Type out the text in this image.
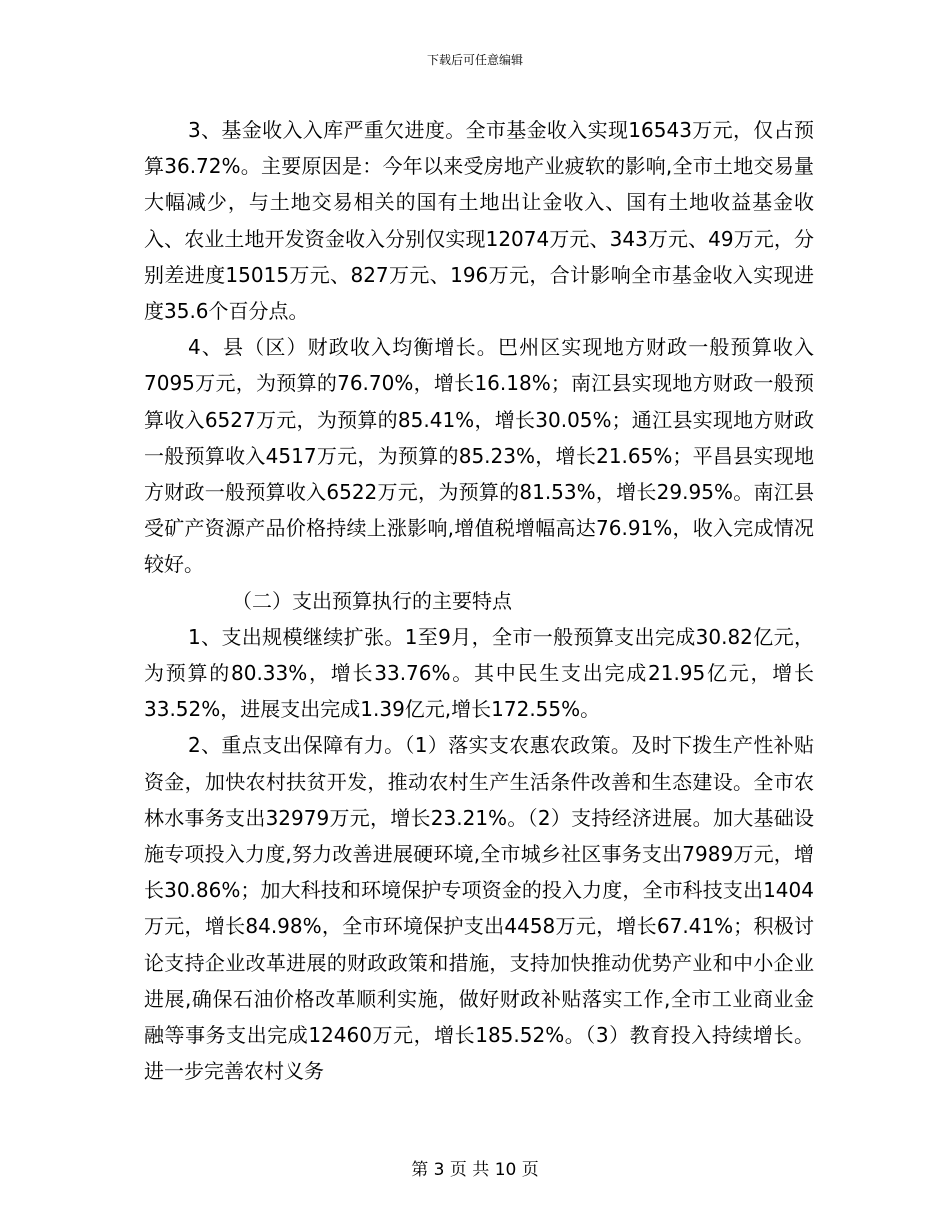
下载后可任意编辑

3、基金收入入库严重欠进度。全市基金收入实现16543万元，仅占预算36.72%。主要原因是：今年以来受房地产业疲软的影响,全市土地交易量大幅减少，与土地交易相关的国有土地出让金收入、国有土地收益基金收入、农业土地开发资金收入分别仅实现12074万元、343万元、49万元，分别差进度15015万元、827万元、196万元，合计影响全市基金收入实现进度35.6个百分点。

4、县（区）财政收入均衡增长。巴州区实现地方财政一般预算收入7095万元，为预算的76.70%，增长16.18%；南江县实现地方财政一般预算收入6527万元，为预算的85.41%，增长30.05%；通江县实现地方财政一般预算收入4517万元，为预算的85.23%，增长21.65%；平昌县实现地方财政一般预算收入6522万元，为预算的81.53%，增长29.95%。南江县受矿产资源产品价格持续上涨影响,增值税增幅高达76.91%，收入完成情况较好。

（二）支出预算执行的主要特点

1、支出规模继续扩张。1至9月，全市一般预算支出完成30.82亿元，为预算的80.33%，增长33.76%。其中民生支出完成21.95亿元，增长33.52%，进展支出完成1.39亿元,增长172.55%。

2、重点支出保障有力。（1）落实支农惠农政策。及时下拨生产性补贴资金，加快农村扶贫开发，推动农村生产生活条件改善和生态建设。全市农林水事务支出32979万元，增长23.21%。（2）支持经济进展。加大基础设施专项投入力度,努力改善进展硬环境,全市城乡社区事务支出7989万元，增长30.86%；加大科技和环境保护专项资金的投入力度，全市科技支出1404万元，增长84.98%，全市环境保护支出4458万元，增长67.41%；积极讨论支持企业改革进展的财政政策和措施，支持加快推动优势产业和中小企业进展,确保石油价格改革顺利实施，做好财政补贴落实工作,全市工业商业金融等事务支出完成12460万元，增长185.52%。（3）教育投入持续增长。进一步完善农村义务

第 3 页 共 10 页
